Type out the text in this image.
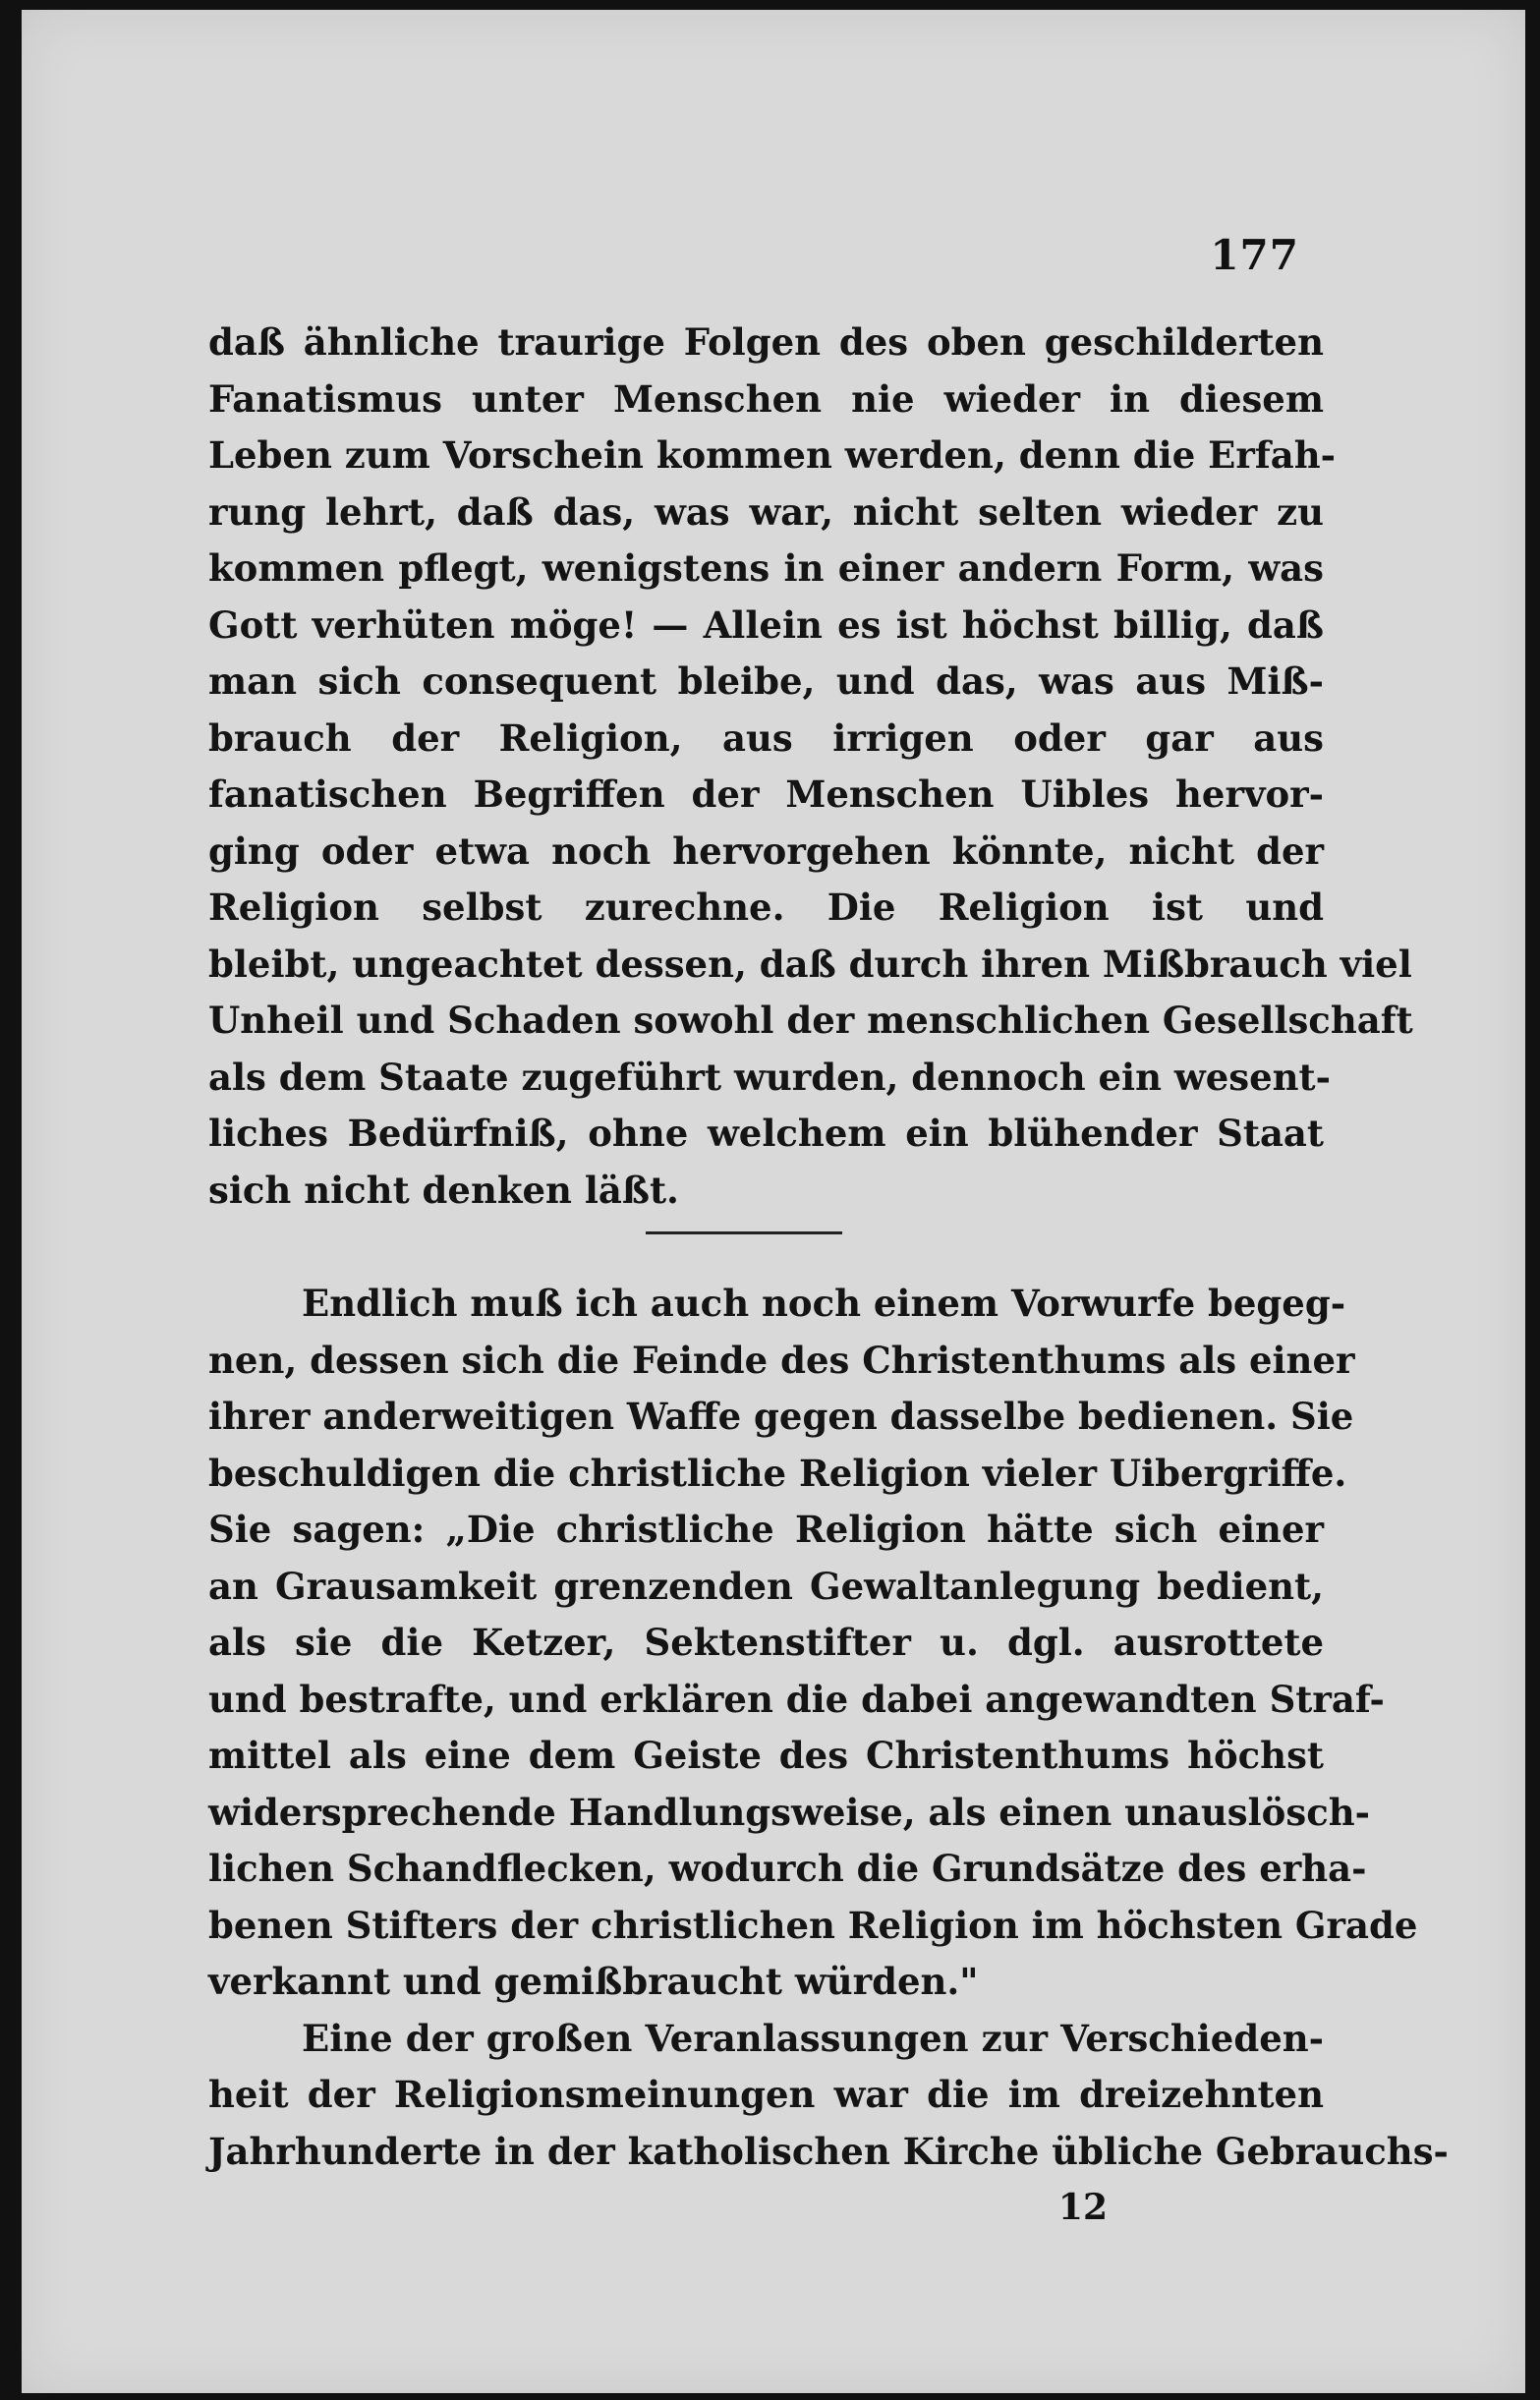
177
daß ähnliche traurige Folgen des oben geschilderten
Fanatismus unter Menschen nie wieder in diesem
Leben zum Vorschein kommen werden, denn die Erfah-
rung lehrt, daß das, was war, nicht selten wieder zu
kommen pflegt, wenigstens in einer andern Form, was
Gott verhüten möge! — Allein es ist höchst billig, daß
man sich consequent bleibe, und das, was aus Miß-
brauch der Religion, aus irrigen oder gar aus
fanatischen Begriffen der Menschen Uibles hervor-
ging oder etwa noch hervorgehen könnte, nicht der
Religion selbst zurechne. Die Religion ist und
bleibt, ungeachtet dessen, daß durch ihren Mißbrauch viel
Unheil und Schaden sowohl der menschlichen Gesellschaft
als dem Staate zugeführt wurden, dennoch ein wesent-
liches Bedürfniß, ohne welchem ein blühender Staat
sich nicht denken läßt.
Endlich muß ich auch noch einem Vorwurfe begeg-
nen, dessen sich die Feinde des Christenthums als einer
ihrer anderweitigen Waffe gegen dasselbe bedienen. Sie
beschuldigen die christliche Religion vieler Uibergriffe.
Sie sagen: „Die christliche Religion hätte sich einer
an Grausamkeit grenzenden Gewaltanlegung bedient,
als sie die Ketzer, Sektenstifter u. dgl. ausrottete
und bestrafte, und erklären die dabei angewandten Straf-
mittel als eine dem Geiste des Christenthums höchst
widersprechende Handlungsweise, als einen unauslösch-
lichen Schandflecken, wodurch die Grundsätze des erha-
benen Stifters der christlichen Religion im höchsten Grade
verkannt und gemißbraucht würden."
Eine der großen Veranlassungen zur Verschieden-
heit der Religionsmeinungen war die im dreizehnten
Jahrhunderte in der katholischen Kirche übliche Gebrauchs-
12
